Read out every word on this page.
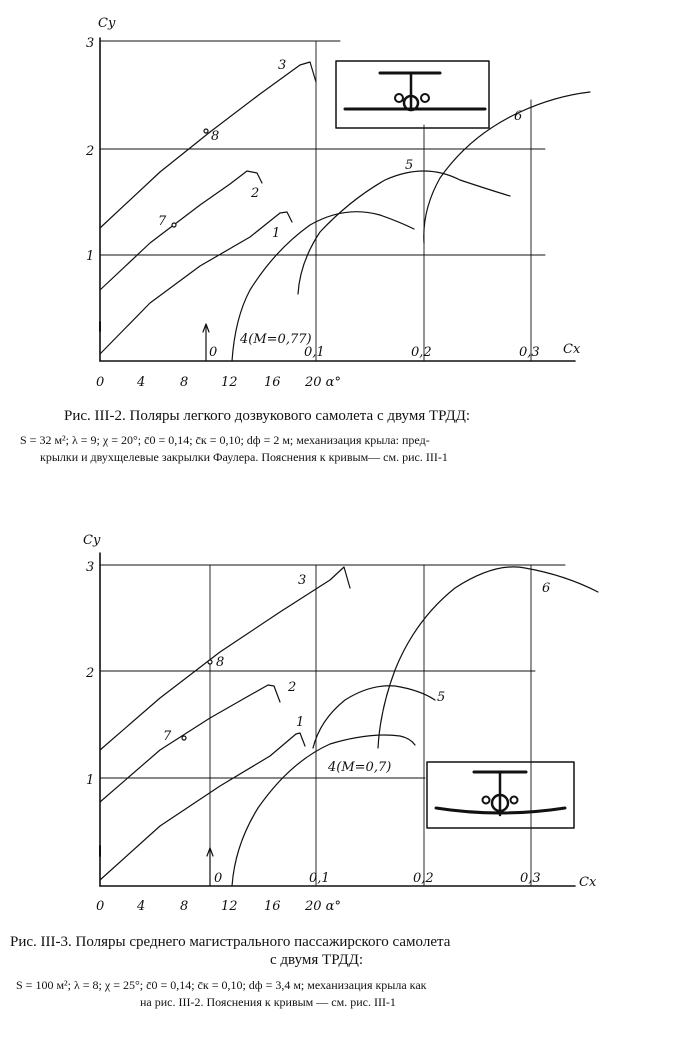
Cy
3
2
1
Cx
0	0,1	0,2	0,3
0	4	8	12 16 20 α°
1
2
3
4(M=0,77)
5
6
7
8
Cy
3
2
1
Cx
0	0,1	0,2	0,3
0	4	8	12 16 20 α°
1
2
3
4(M=0,7)
5
6
7
8
Рис. III-2. Поляры легкого дозвукового самолета с двумя ТРДД:
S = 32 м²; λ = 9; χ = 20°; c̄0 = 0,14; c̄к = 0,10; dф = 2 м; механизация крыла: пред-
крылки и двухщелевые закрылки Фаулера. Пояснения к кривым— см. рис. III-1
Рис. III-3. Поляры среднего магистрального пассажирского самолета
с двумя ТРДД:
S = 100 м²; λ = 8; χ = 25°; c̄0 = 0,14; c̄к = 0,10; dф = 3,4 м; механизация крыла как
на рис. III-2. Пояснения к кривым — см. рис. III-1
